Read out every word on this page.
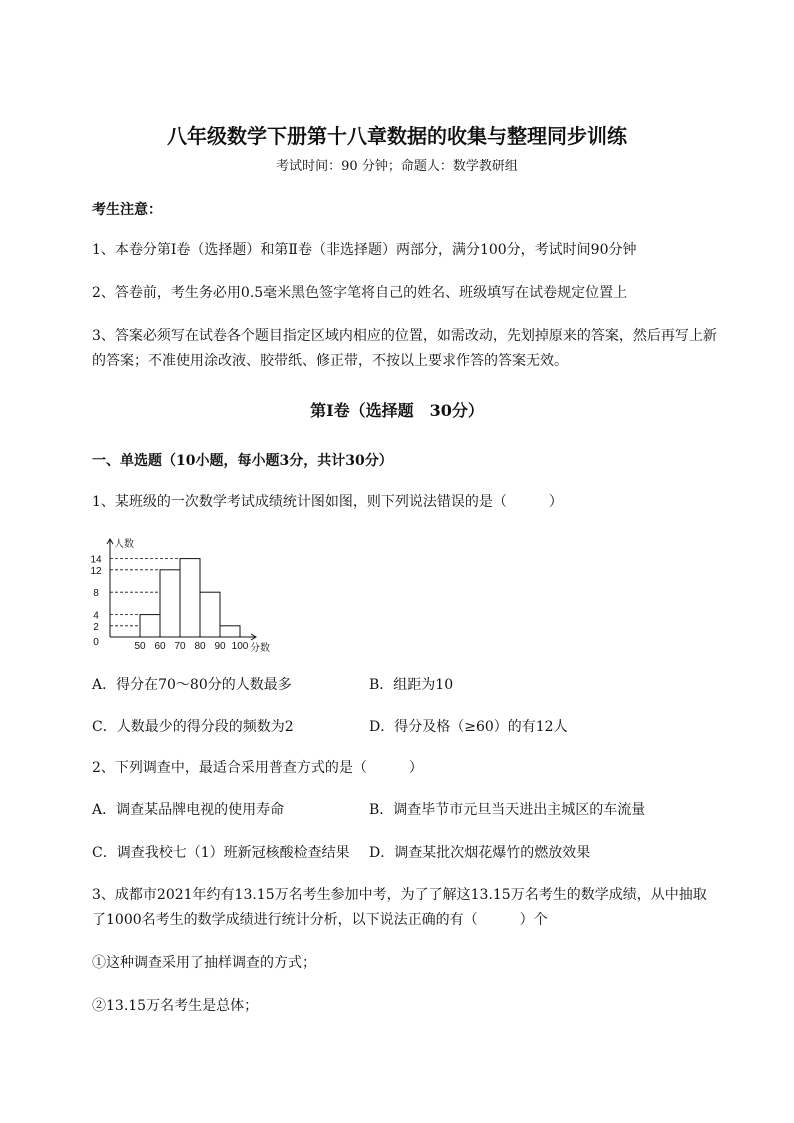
八年级数学下册第十八章数据的收集与整理同步训练
考试时间：90 分钟；命题人：数学教研组
考生注意：
1、本卷分第Ⅰ卷（选择题）和第Ⅱ卷（非选择题）两部分，满分100分，考试时间90分钟
2、答卷前，考生务必用0.5毫米黑色签字笔将自己的姓名、班级填写在试卷规定位置上
3、答案必须写在试卷各个题目指定区域内相应的位置，如需改动，先划掉原来的答案，然后再写上新
的答案；不准使用涂改液、胶带纸、修正带，不按以上要求作答的答案无效。
第Ⅰ卷（选择题　30分）
一、单选题（10小题，每小题3分，共计30分）
1、某班级的一次数学考试成绩统计图如图，则下列说法错误的是（　　　）
0
2
4
8
12
14
50 60 70 80 90 100
人数
分数
A．得分在70～80分的人数最多	B．组距为10
C．人数最少的得分段的频数为2	D．得分及格（≥60）的有12人
2、下列调查中，最适合采用普查方式的是（　　　）
A．调查某品牌电视的使用寿命	B．调查毕节市元旦当天进出主城区的车流量
C．调查我校七（1）班新冠核酸检查结果 D．调查某批次烟花爆竹的燃放效果
3、成都市2021年约有13.15万名考生参加中考，为了了解这13.15万名考生的数学成绩，从中抽取
了1000名考生的数学成绩进行统计分析，以下说法正确的有（　　　）个
①这种调查采用了抽样调查的方式；
②13.15万名考生是总体；
